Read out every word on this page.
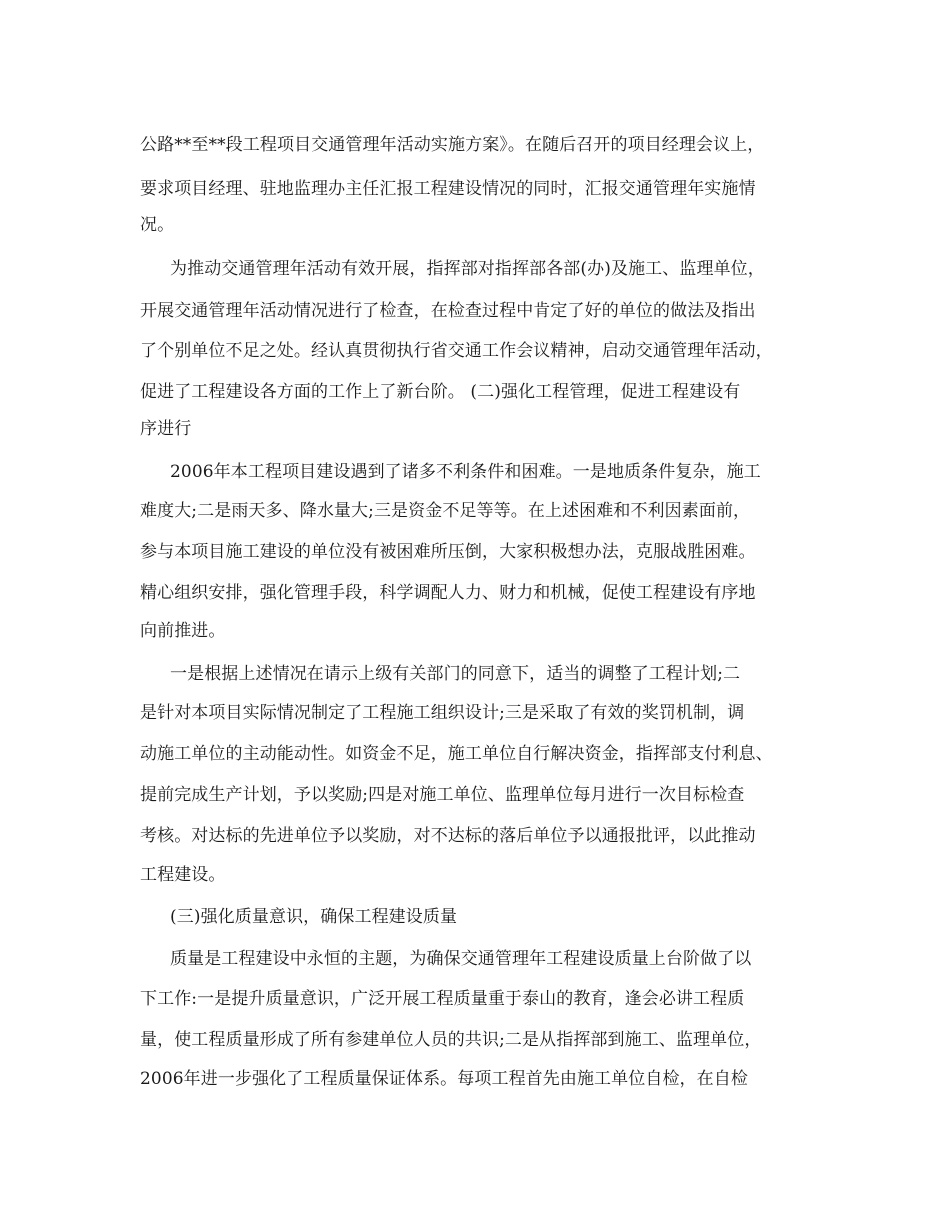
公路**至**段工程项目交通管理年活动实施方案》。在随后召开的项目经理会议上，
要求项目经理、驻地监理办主任汇报工程建设情况的同时，汇报交通管理年实施情
况。
为推动交通管理年活动有效开展，指挥部对指挥部各部(办)及施工、监理单位，
开展交通管理年活动情况进行了检查，在检查过程中肯定了好的单位的做法及指出
了个别单位不足之处。经认真贯彻执行省交通工作会议精神，启动交通管理年活动，
促进了工程建设各方面的工作上了新台阶。 (二)强化工程管理，促进工程建设有
序进行
2006年本工程项目建设遇到了诸多不利条件和困难。一是地质条件复杂，施工
难度大;二是雨天多、降水量大;三是资金不足等等。在上述困难和不利因素面前，
参与本项目施工建设的单位没有被困难所压倒，大家积极想办法，克服战胜困难。
精心组织安排，强化管理手段，科学调配人力、财力和机械，促使工程建设有序地
向前推进。
一是根据上述情况在请示上级有关部门的同意下，适当的调整了工程计划;二
是针对本项目实际情况制定了工程施工组织设计;三是采取了有效的奖罚机制，调
动施工单位的主动能动性。如资金不足，施工单位自行解决资金，指挥部支付利息、
提前完成生产计划，予以奖励;四是对施工单位、监理单位每月进行一次目标检查
考核。对达标的先进单位予以奖励，对不达标的落后单位予以通报批评，以此推动
工程建设。
(三)强化质量意识，确保工程建设质量
质量是工程建设中永恒的主题，为确保交通管理年工程建设质量上台阶做了以
下工作:一是提升质量意识，广泛开展工程质量重于泰山的教育，逢会必讲工程质
量，使工程质量形成了所有参建单位人员的共识;二是从指挥部到施工、监理单位，
2006年进一步强化了工程质量保证体系。每项工程首先由施工单位自检，在自检
